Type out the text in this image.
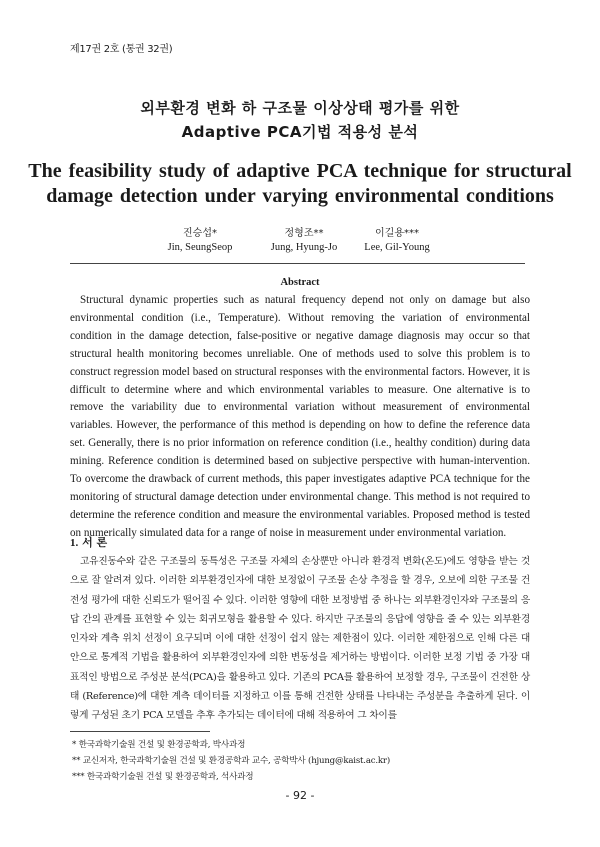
제17권 2호 (통권 32권)
외부환경 변화 하 구조물 이상상태 평가를 위한
Adaptive PCA기법 적용성 분석
The feasibility study of adaptive PCA technique for structural
damage detection under varying environmental conditions
진승섭*
Jin, SeungSeop
정형조**
Jung, Hyung-Jo
이길용***
Lee, Gil-Young
Abstract
Structural dynamic properties such as natural frequency depend not only on damage but also environmental condition (i.e., Temperature). Without removing the variation of environmental condition in the damage detection, false-positive or negative damage diagnosis may occur so that structural health monitoring becomes unreliable. One of methods used to solve this problem is to construct regression model based on structural responses with the environmental factors. However, it is difficult to determine where and which environmental variables to measure. One alternative is to remove the variability due to environmental variation without measurement of environmental variables. However, the performance of this method is depending on how to define the reference data set. Generally, there is no prior information on reference condition (i.e., healthy condition) during data mining. Reference condition is determined based on subjective perspective with human-intervention. To overcome the drawback of current methods, this paper investigates adaptive PCA technique for the monitoring of structural damage detection under environmental change. This method is not required to determine the reference condition and measure the environmental variables. Proposed method is tested on numerically simulated data for a range of noise in measurement under environmental variation.
1. 서 론
고유진동수와 같은 구조물의 동특성은 구조물 자체의 손상뿐만 아니라 환경적 변화(온도)에도 영향을 받는 것으로 잘 알려져 있다. 이러한 외부환경인자에 대한 보정없이 구조물 손상 추정을 할 경우, 오보에 의한 구조물 건전성 평가에 대한 신뢰도가 떨어질 수 있다. 이러한 영향에 대한 보정방법 중 하나는 외부환경인자와 구조물의 응답 간의 관계를 표현할 수 있는 회귀모형을 활용할 수 있다. 하지만 구조물의 응답에 영향을 줄 수 있는 외부환경인자와 계측 위치 선정이 요구되며 이에 대한 선정이 쉽지 않는 제한점이 있다. 이러한 제한점으로 인해 다른 대안으로 통계적 기법을 활용하여 외부환경인자에 의한 변동성을 제거하는 방법이다. 이러한 보정 기법 중 가장 대표적인 방법으로 주성분 분석(PCA)을 활용하고 있다. 기존의 PCA를 활용하여 보정할 경우, 구조물이 건전한 상태 (Reference)에 대한 계측 데이터를 지정하고 이를 통해 건전한 상태를 나타내는 주성분을 추출하게 된다. 이렇게 구성된 초기 PCA 모델을 추후 추가되는 데이터에 대해 적용하여 그 차이를
* 한국과학기술원 건설 및 환경공학과, 박사과정
** 교신저자, 한국과학기술원 건설 및 환경공학과 교수, 공학박사 (hjung@kaist.ac.kr)
*** 한국과학기술원 건설 및 환경공학과, 석사과정
- 92 -
